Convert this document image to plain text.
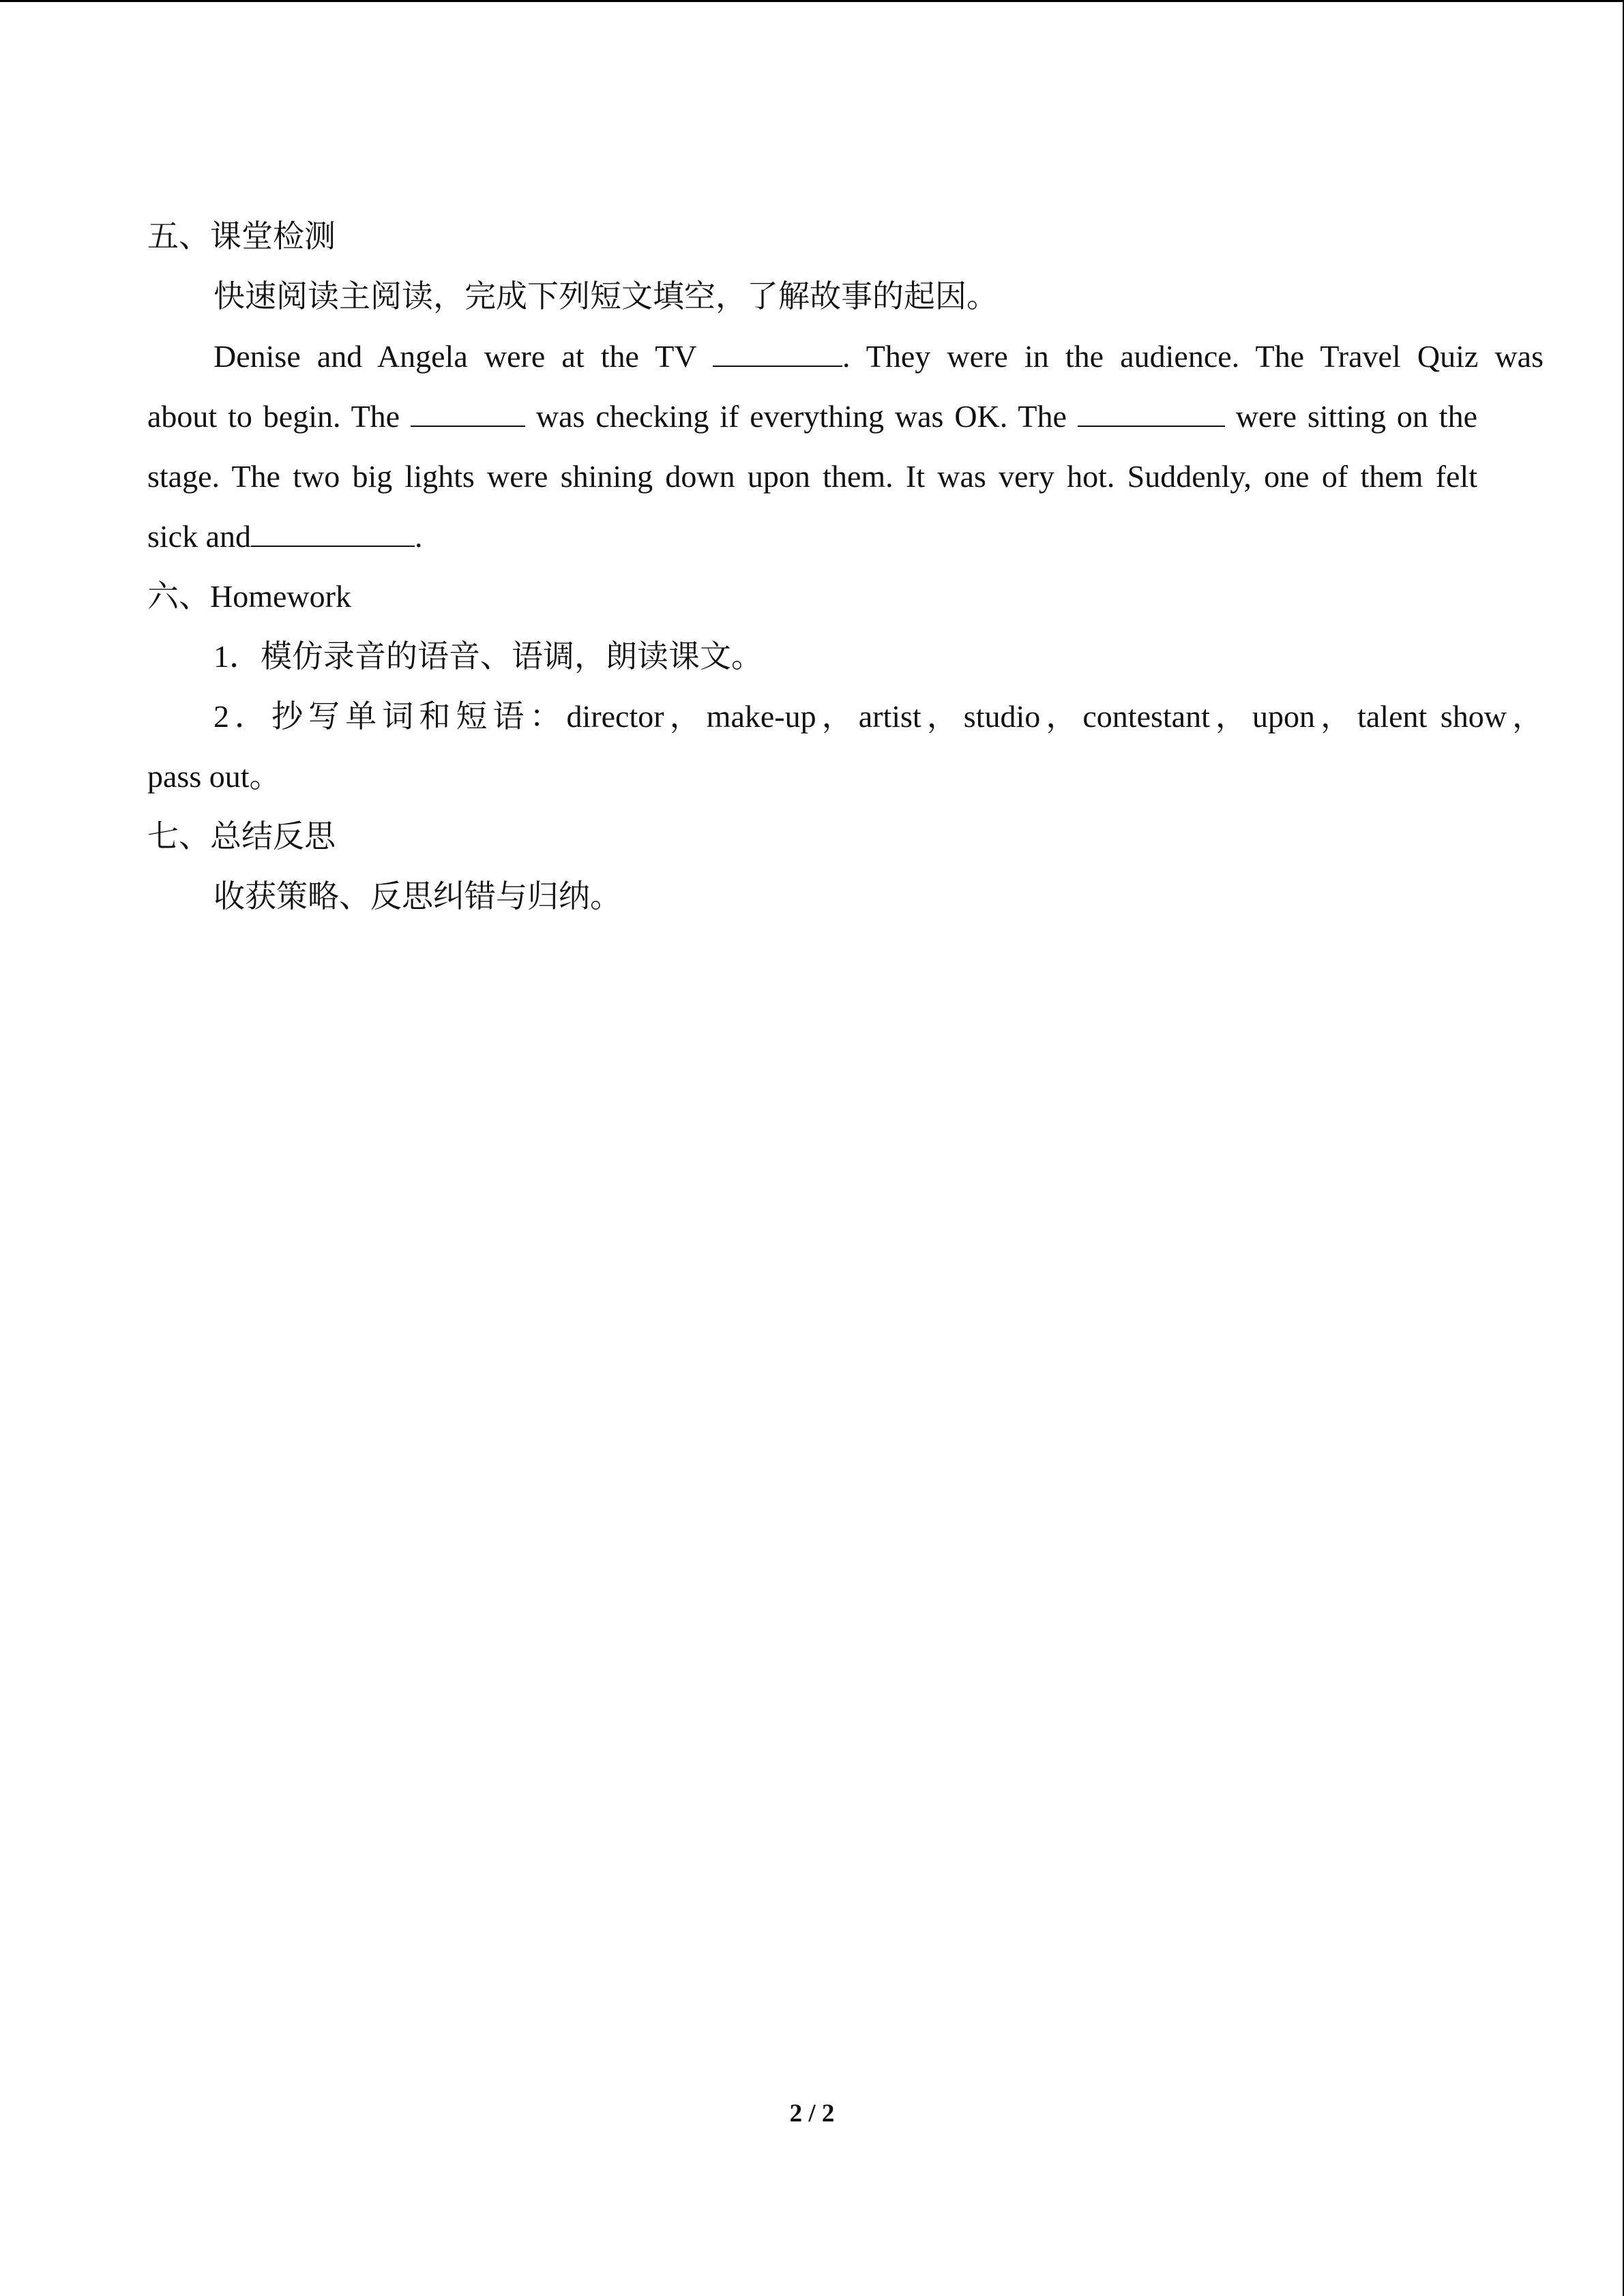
五、课堂检测
快速阅读主阅读，完成下列短文填空，了解故事的起因。
Denise and Angela were at the TV	. They were in the audience. The Travel Quiz was
about to begin. The	was checking if everything was OK. The	were sitting on the
stage. The two big lights were shining down upon them. It was very hot. Suddenly, one of them felt
sick and	.
六、Homework
1．模仿录音的语音、语调，朗读课文。
2．抄写单词和短语：director，make-up，artist，studio，contestant，upon，talent show，
pass out。
七、总结反思
收获策略、反思纠错与归纳。
2 / 2
